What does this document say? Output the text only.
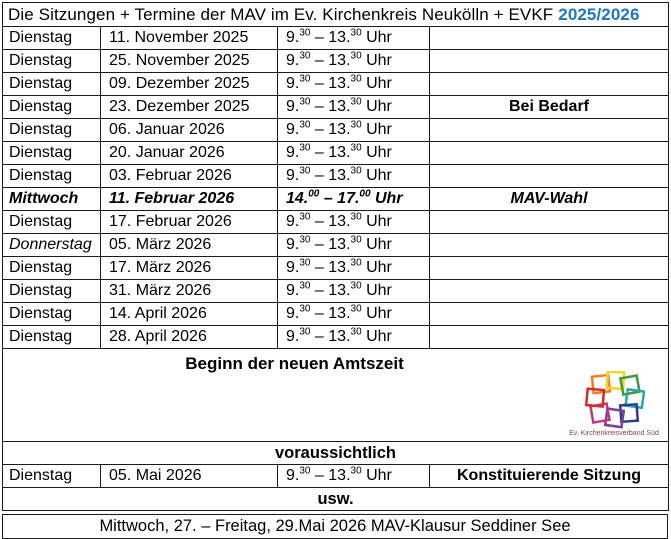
Die Sitzungen + Termine der MAV im Ev. Kirchenkreis Neukölln + EVKF 2025/2026			
Dienstag	11. November 2025	9.30 – 13.30 Uhr	
Dienstag	25. November 2025	9.30 – 13.30 Uhr	
Dienstag	09. Dezember 2025	9.30 – 13.30 Uhr	
Dienstag	23. Dezember 2025	9.30 – 13.30 Uhr	Bei Bedarf
Dienstag	06. Januar 2026	9.30 – 13.30 Uhr	
Dienstag	20. Januar 2026	9.30 – 13.30 Uhr	
Dienstag	03. Februar 2026	9.30 – 13.30 Uhr	
Mittwoch	11. Februar 2026	14.00 – 17.00 Uhr	MAV-Wahl
Dienstag	17. Februar 2026	9.30 – 13.30 Uhr	
Donnerstag	05. März 2026	9.30 – 13.30 Uhr	
Dienstag	17. März 2026	9.30 – 13.30 Uhr	
Dienstag	31. März 2026	9.30 – 13.30 Uhr	
Dienstag	14. April 2026	9.30 – 13.30 Uhr	
Dienstag	28. April 2026	9.30 – 13.30 Uhr	

Beginn der neuen Amtszeit
Ev. Kirchenkreisverband Süd			

voraussichtlich			
Dienstag	05. Mai 2026	9.30 – 13.30 Uhr	Konstituierende Sitzung
usw.			
Mittwoch, 27. – Freitag, 29.Mai 2026 MAV-Klausur Seddiner See
